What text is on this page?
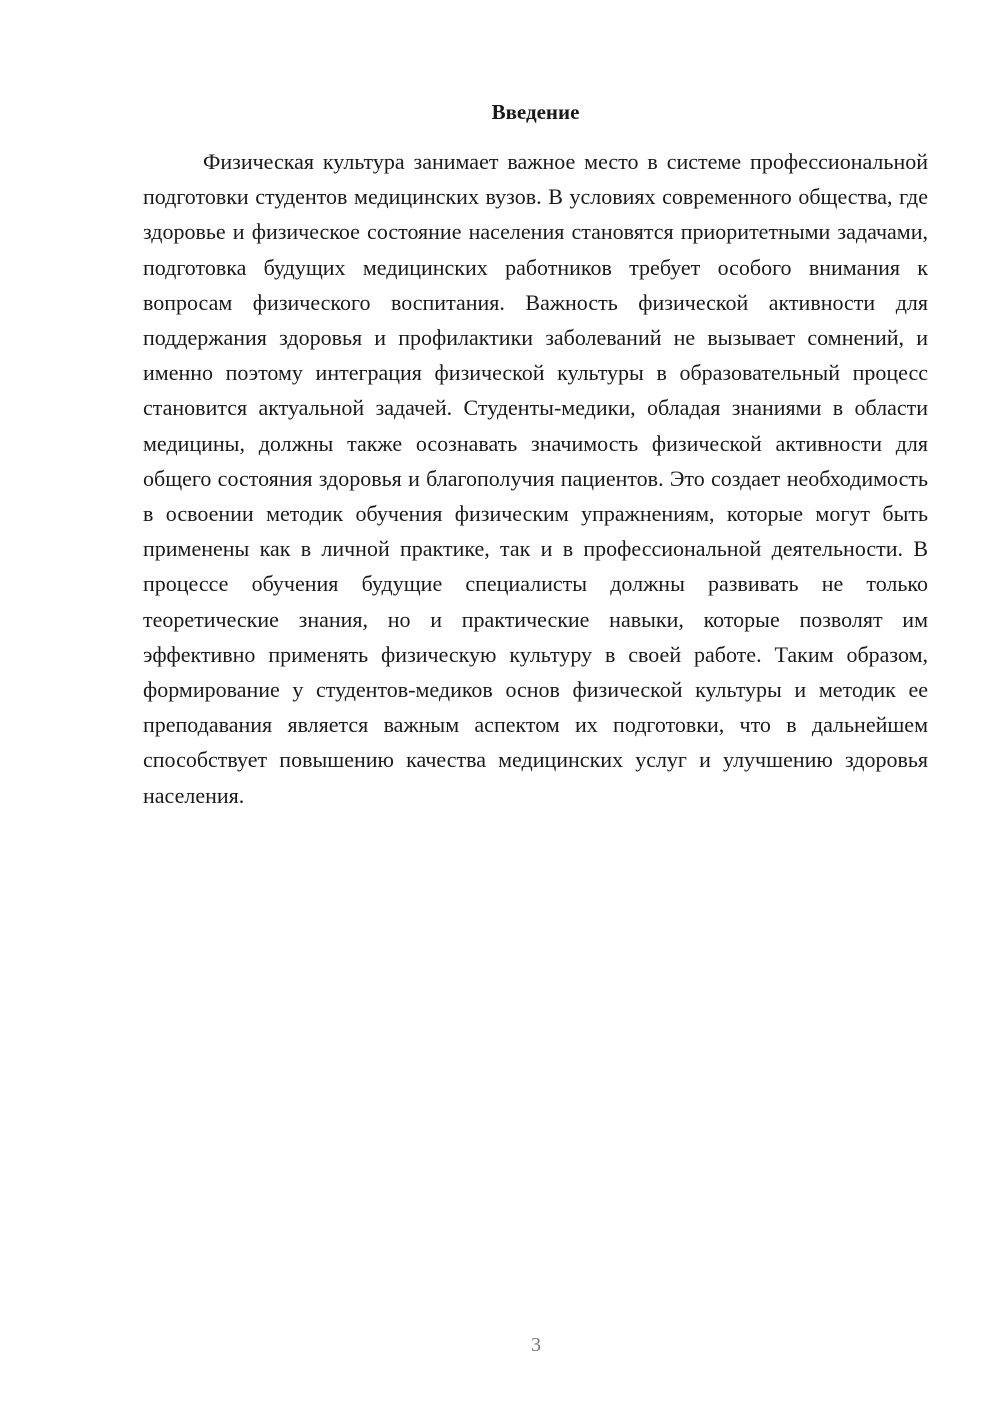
Введение

Физическая культура занимает важное место в системе профессиональной подготовки студентов медицинских вузов. В условиях современного общества, где здоровье и физическое состояние населения становятся приоритетными задачами, подготовка будущих медицинских работников требует особого внимания к вопросам физического воспитания. Важность физической активности для поддержания здоровья и профилактики заболеваний не вызывает сомнений, и именно поэтому интеграция физической культуры в образовательный процесс становится актуальной задачей. Студенты-медики, обладая знаниями в области медицины, должны также осознавать значимость физической активности для общего состояния здоровья и благополучия пациентов. Это создает необходимость в освоении методик обучения физическим упражнениям, которые могут быть применены как в личной практике, так и в профессиональной деятельности. В процессе обучения будущие специалисты должны развивать не только теоретические знания, но и практические навыки, которые позволят им эффективно применять физическую культуру в своей работе. Таким образом, формирование у студентов-медиков основ физической культуры и методик ее преподавания является важным аспектом их подготовки, что в дальнейшем способствует повышению качества медицинских услуг и улучшению здоровья населения.

3
